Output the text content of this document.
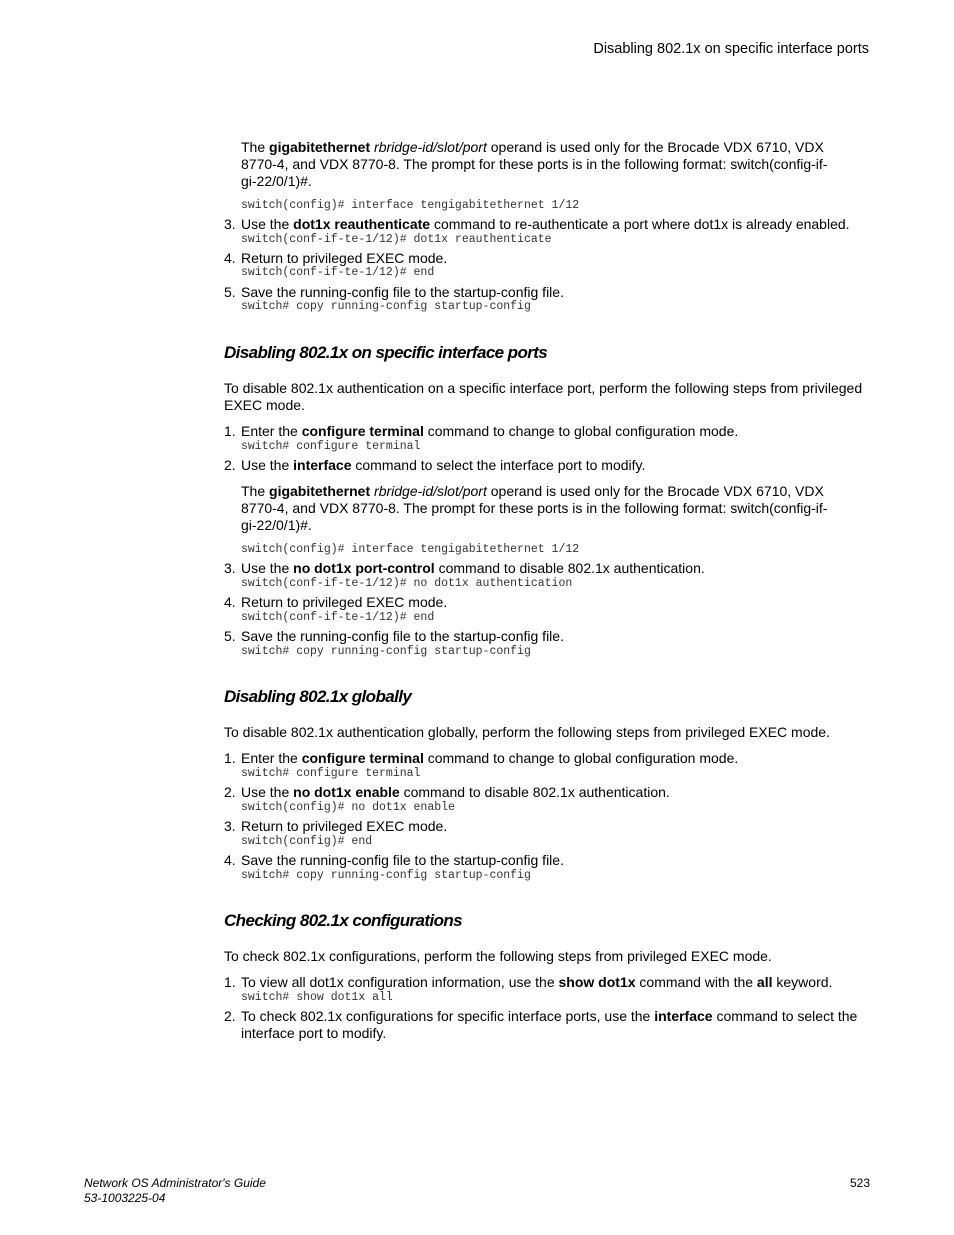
Disabling 802.1x on specific interface ports
The gigabitethernet rbridge-id/slot/port operand is used only for the Brocade VDX 6710, VDX
8770-4, and VDX 8770-8. The prompt for these ports is in the following format: switch(config-if-
gi-22/0/1)#.
switch(config)# interface tengigabitethernet 1/12
3. Use the dot1x reauthenticate command to re-authenticate a port where dot1x is already enabled.
switch(conf-if-te-1/12)# dot1x reauthenticate
4. Return to privileged EXEC mode.
switch(conf-if-te-1/12)# end
5. Save the running-config file to the startup-config file.
switch# copy running-config startup-config
Disabling 802.1x on specific interface ports
To disable 802.1x authentication on a specific interface port, perform the following steps from privileged
EXEC mode.
1. Enter the configure terminal command to change to global configuration mode.
switch# configure terminal
2. Use the interface command to select the interface port to modify.
The gigabitethernet rbridge-id/slot/port operand is used only for the Brocade VDX 6710, VDX
8770-4, and VDX 8770-8. The prompt for these ports is in the following format: switch(config-if-
gi-22/0/1)#.
switch(config)# interface tengigabitethernet 1/12
3. Use the no dot1x port-control command to disable 802.1x authentication.
switch(conf-if-te-1/12)# no dot1x authentication
4. Return to privileged EXEC mode.
switch(conf-if-te-1/12)# end
5. Save the running-config file to the startup-config file.
switch# copy running-config startup-config
Disabling 802.1x globally
To disable 802.1x authentication globally, perform the following steps from privileged EXEC mode.
1. Enter the configure terminal command to change to global configuration mode.
switch# configure terminal
2. Use the no dot1x enable command to disable 802.1x authentication.
switch(config)# no dot1x enable
3. Return to privileged EXEC mode.
switch(config)# end
4. Save the running-config file to the startup-config file.
switch# copy running-config startup-config
Checking 802.1x configurations
To check 802.1x configurations, perform the following steps from privileged EXEC mode.
1. To view all dot1x configuration information, use the show dot1x command with the all keyword.
switch# show dot1x all
2. To check 802.1x configurations for specific interface ports, use the interface command to select the
interface port to modify.
Network OS Administrator's Guide
53-1003225-04
523
